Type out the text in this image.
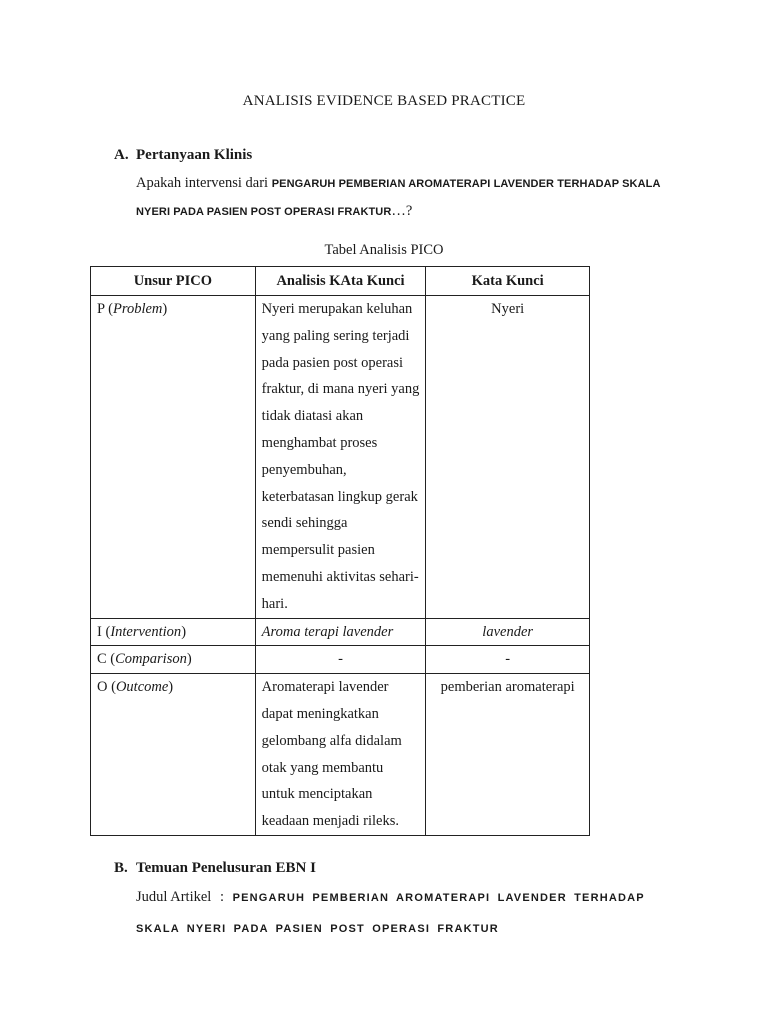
ANALISIS EVIDENCE BASED PRACTICE
A. Pertanyaan Klinis
Apakah intervensi dari PENGARUH PEMBERIAN AROMATERAPI LAVENDER TERHADAP SKALA
NYERI PADA PASIEN POST OPERASI FRAKTUR…?
Tabel Analisis PICO
Unsur PICO	Analisis KAta Kunci	Kata Kunci
P (Problem)	Nyeri merupakan keluhan yang paling sering terjadi pada pasien post operasi fraktur, di mana nyeri yang tidak diatasi akan menghambat proses penyembuhan, keterbatasan lingkup gerak sendi sehingga mempersulit pasien memenuhi aktivitas sehari-hari.	Nyeri
I (Intervention)	Aroma terapi lavender	lavender
C (Comparison)	-	-
O (Outcome)	Aromaterapi lavender dapat meningkatkan gelombang alfa didalam otak yang membantu untuk menciptakan keadaan menjadi rileks.	pemberian aromaterapi
B. Temuan Penelusuran EBN I
Judul Artikel : PENGARUH PEMBERIAN AROMATERAPI LAVENDER TERHADAP SKALA NYERI PADA PASIEN POST OPERASI FRAKTUR
